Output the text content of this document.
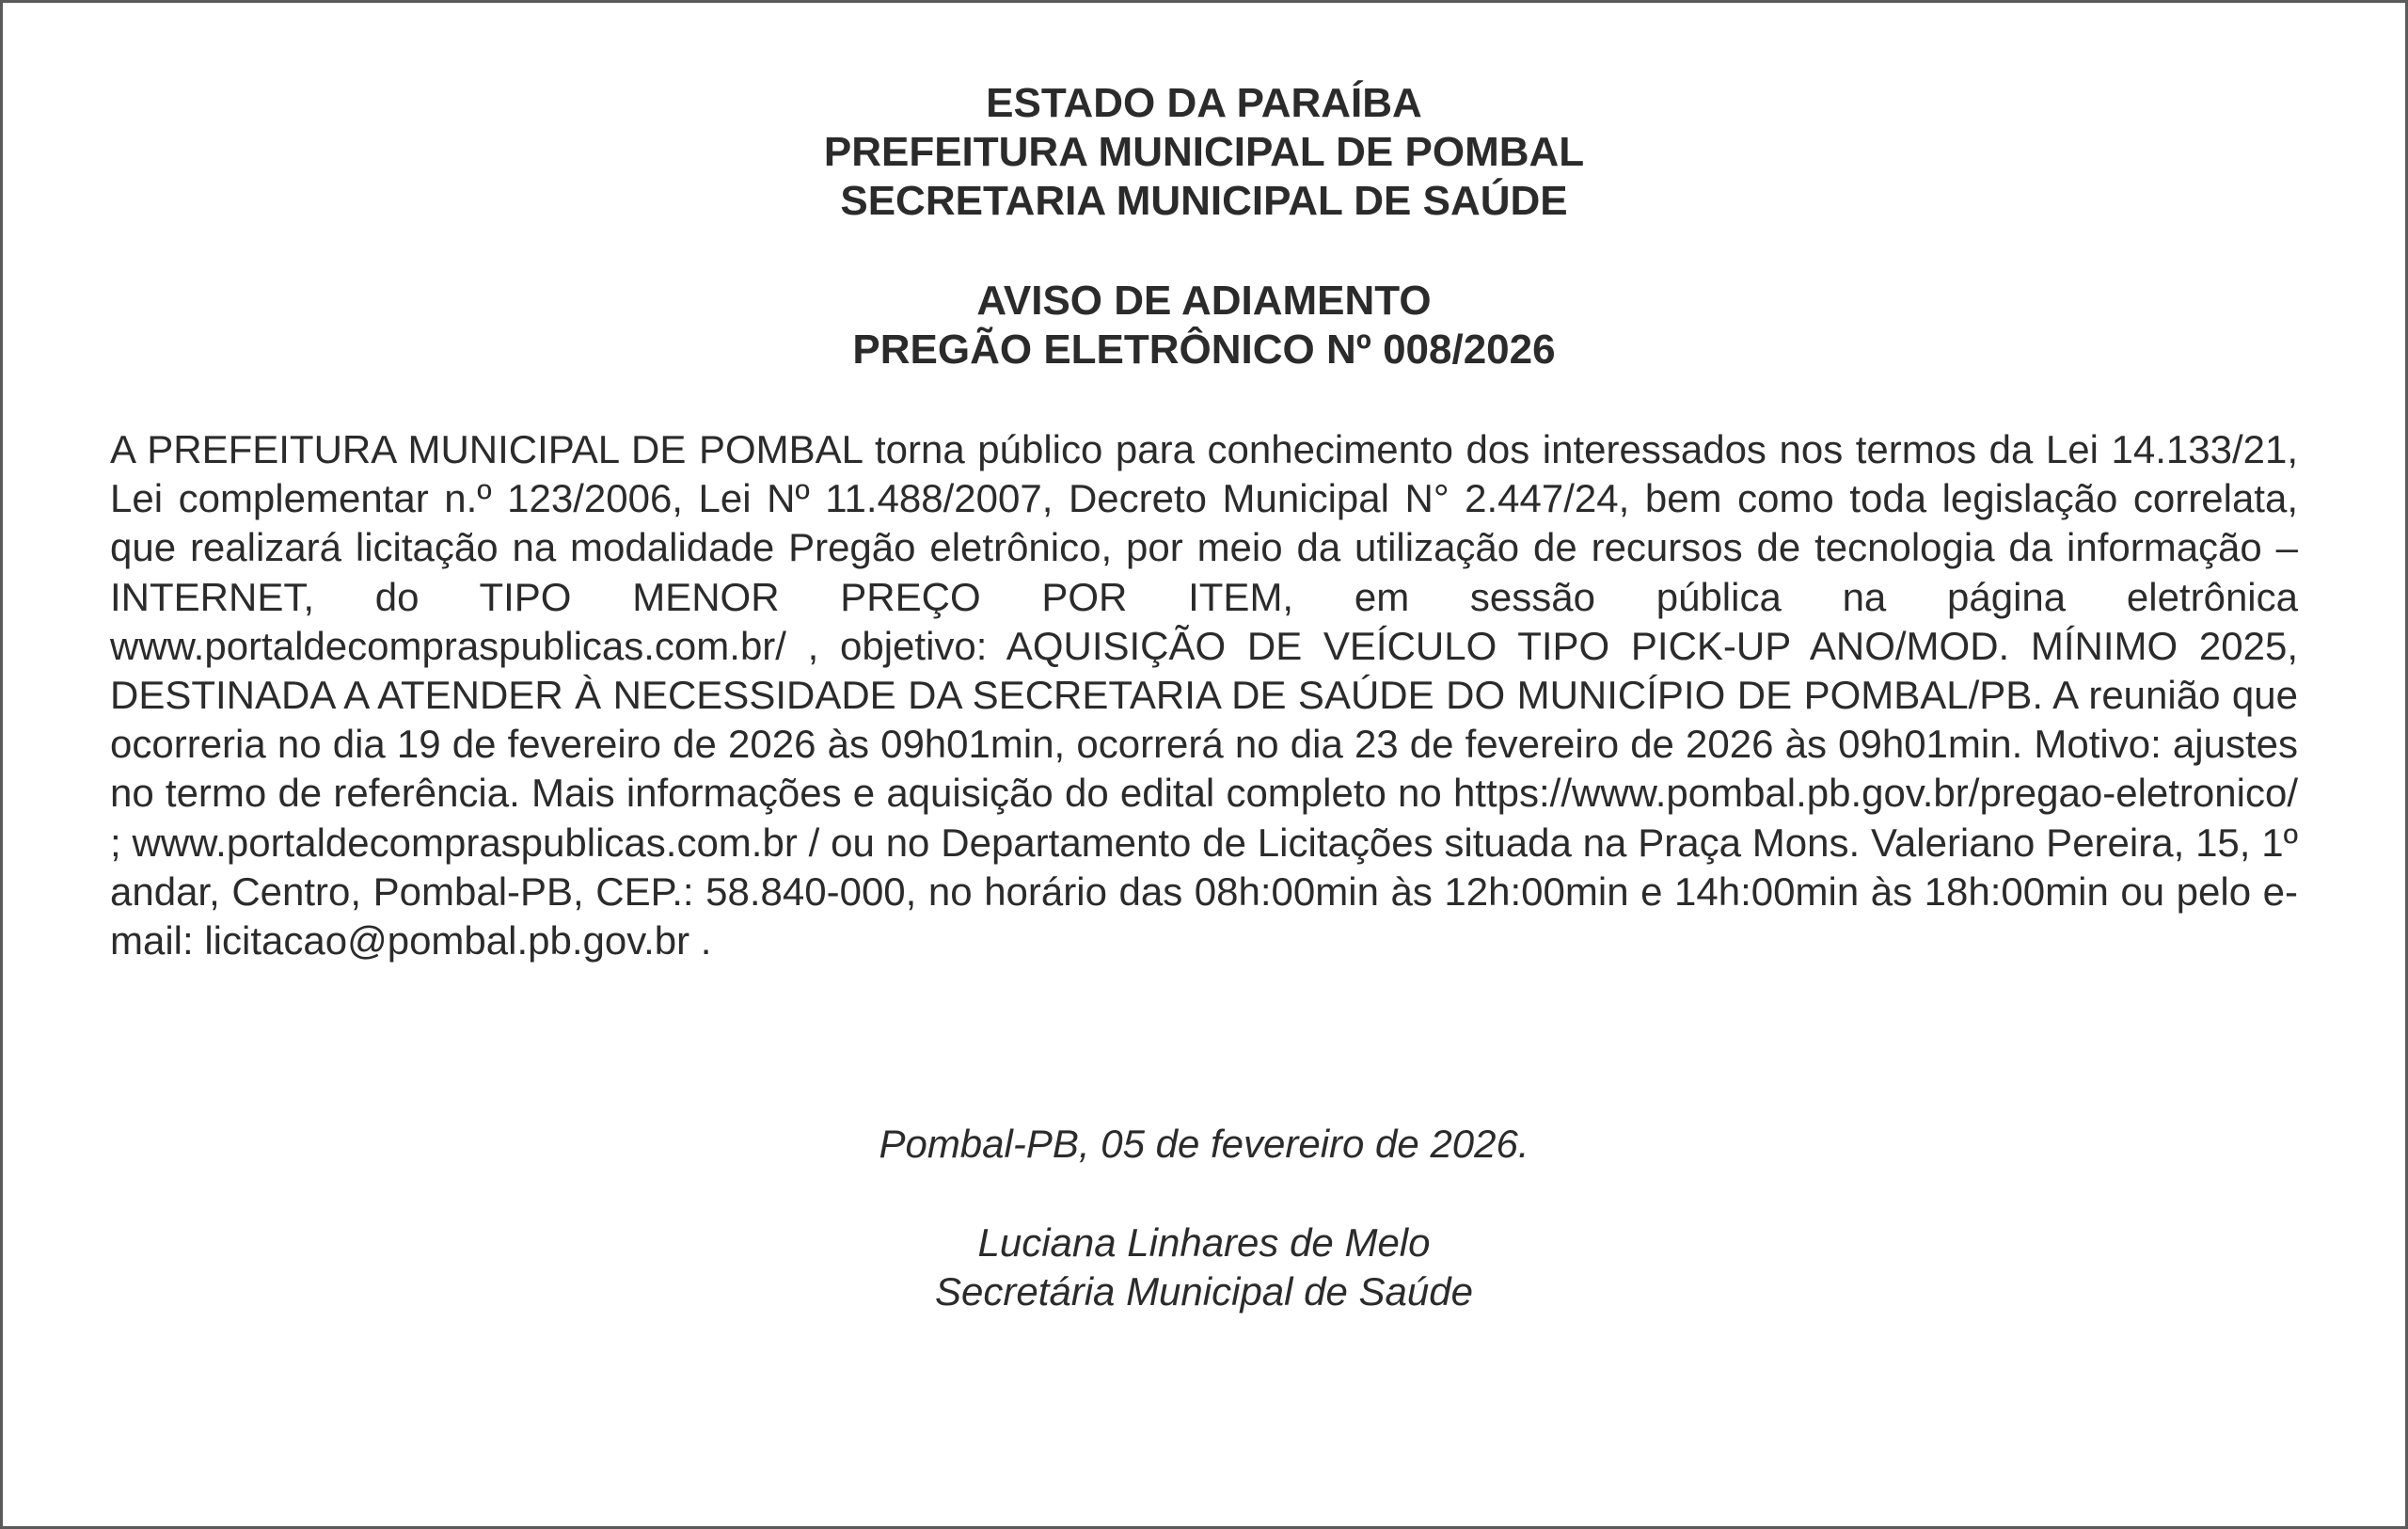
ESTADO DA PARAÍBA
PREFEITURA MUNICIPAL DE POMBAL
SECRETARIA MUNICIPAL DE SAÚDE
AVISO DE ADIAMENTO
PREGÃO ELETRÔNICO Nº 008/2026
A PREFEITURA MUNICIPAL DE POMBAL torna público para conhecimento dos interessados nos termos da Lei 14.133/21, Lei complementar n.º 123/2006, Lei Nº 11.488/2007, Decreto Municipal N° 2.447/24, bem como toda legislação correlata, que realizará licitação na modalidade Pregão eletrônico, por meio da utilização de recursos de tecnologia da informação – INTERNET, do TIPO MENOR PREÇO POR ITEM, em sessão pública na página eletrônica www.portaldecompraspublicas.com.br/ , objetivo: AQUISIÇÃO DE VEÍCULO TIPO PICK-UP ANO/MOD. MÍNIMO 2025, DESTINADA A ATENDER À NECESSIDADE DA SECRETARIA DE SAÚDE DO MUNICÍPIO DE POMBAL/PB. A reunião que ocorreria no dia 19 de fevereiro de 2026 às 09h01min, ocorrerá no dia 23 de fevereiro de 2026 às 09h01min. Motivo: ajustes no termo de referência. Mais informações e aquisição do edital completo no https://www.pombal.pb.gov.br/pregao-eletronico/ ; www.portaldecompraspublicas.com.br / ou no Departamento de Licitações situada na Praça Mons. Valeriano Pereira, 15, 1º andar, Centro, Pombal-PB, CEP.: 58.840-000, no horário das 08h:00min às 12h:00min e 14h:00min às 18h:00min ou pelo e-mail: licitacao@pombal.pb.gov.br .
Pombal-PB, 05 de fevereiro de 2026.
Luciana Linhares de Melo
Secretária Municipal de Saúde
